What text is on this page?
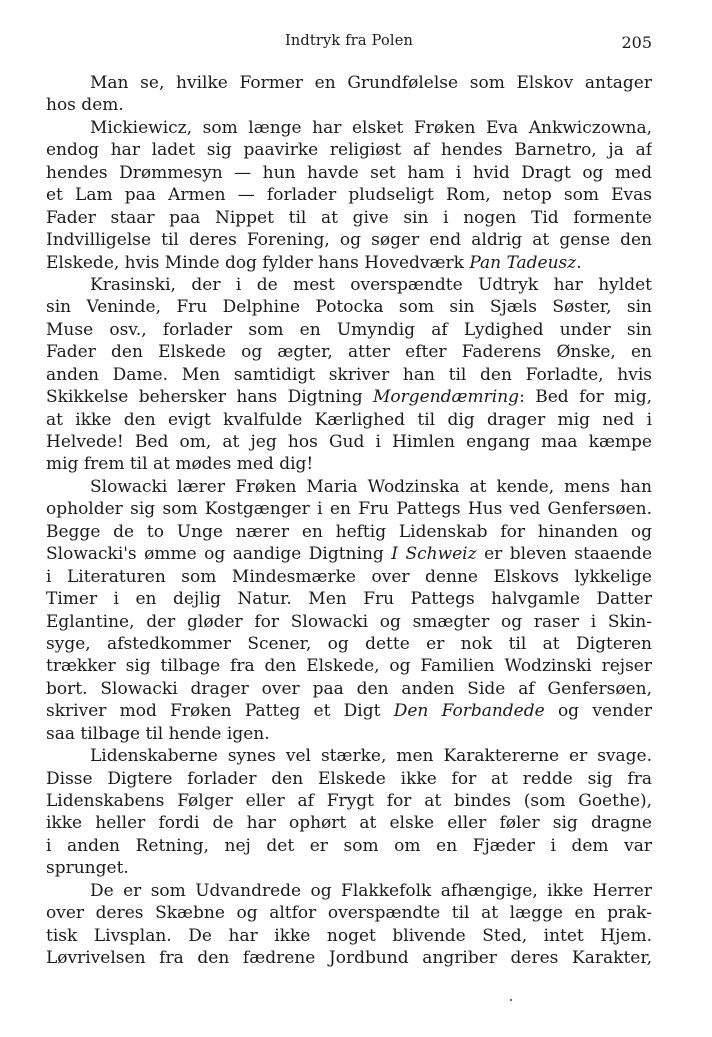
Indtryk fra Polen	205
Man se, hvilke Former en Grundfølelse som Elskov antager
hos dem.
Mickiewicz, som længe har elsket Frøken Eva Ankwiczowna,
endog har ladet sig paavirke religiøst af hendes Barnetro, ja af
hendes Drømmesyn — hun havde set ham i hvid Dragt og med
et Lam paa Armen — forlader pludseligt Rom, netop som Evas
Fader staar paa Nippet til at give sin i nogen Tid formente
Indvilligelse til deres Forening, og søger end aldrig at gense den
Elskede, hvis Minde dog fylder hans Hovedværk Pan Tadeusz.
Krasinski, der i de mest overspændte Udtryk har hyldet
sin Veninde, Fru Delphine Potocka som sin Sjæls Søster, sin
Muse osv., forlader som en Umyndig af Lydighed under sin
Fader den Elskede og ægter, atter efter Faderens Ønske, en
anden Dame. Men samtidigt skriver han til den Forladte, hvis
Skikkelse behersker hans Digtning Morgendæmring: Bed for mig,
at ikke den evigt kvalfulde Kærlighed til dig drager mig ned i
Helvede! Bed om, at jeg hos Gud i Himlen engang maa kæmpe
mig frem til at mødes med dig!
Slowacki lærer Frøken Maria Wodzinska at kende, mens han
opholder sig som Kostgænger i en Fru Pattegs Hus ved Genfersøen.
Begge de to Unge nærer en heftig Lidenskab for hinanden og
Slowacki's ømme og aandige Digtning I Schweiz er bleven staaende
i Literaturen som Mindesmærke over denne Elskovs lykkelige
Timer i en dejlig Natur. Men Fru Pattegs halvgamle Datter
Eglantine, der gløder for Slowacki og smægter og raser i Skin-
syge, afstedkommer Scener, og dette er nok til at Digteren
trækker sig tilbage fra den Elskede, og Familien Wodzinski rejser
bort. Slowacki drager over paa den anden Side af Genfersøen,
skriver mod Frøken Patteg et Digt Den Forbandede og vender
saa tilbage til hende igen.
Lidenskaberne synes vel stærke, men Karaktererne er svage.
Disse Digtere forlader den Elskede ikke for at redde sig fra
Lidenskabens Følger eller af Frygt for at bindes (som Goethe),
ikke heller fordi de har ophørt at elske eller føler sig dragne
i anden Retning, nej det er som om en Fjæder i dem var
sprunget.
De er som Udvandrede og Flakkefolk afhængige, ikke Herrer
over deres Skæbne og altfor overspændte til at lægge en prak-
tisk Livsplan. De har ikke noget blivende Sted, intet Hjem.
Løvrivelsen fra den fædrene Jordbund angriber deres Karakter,
